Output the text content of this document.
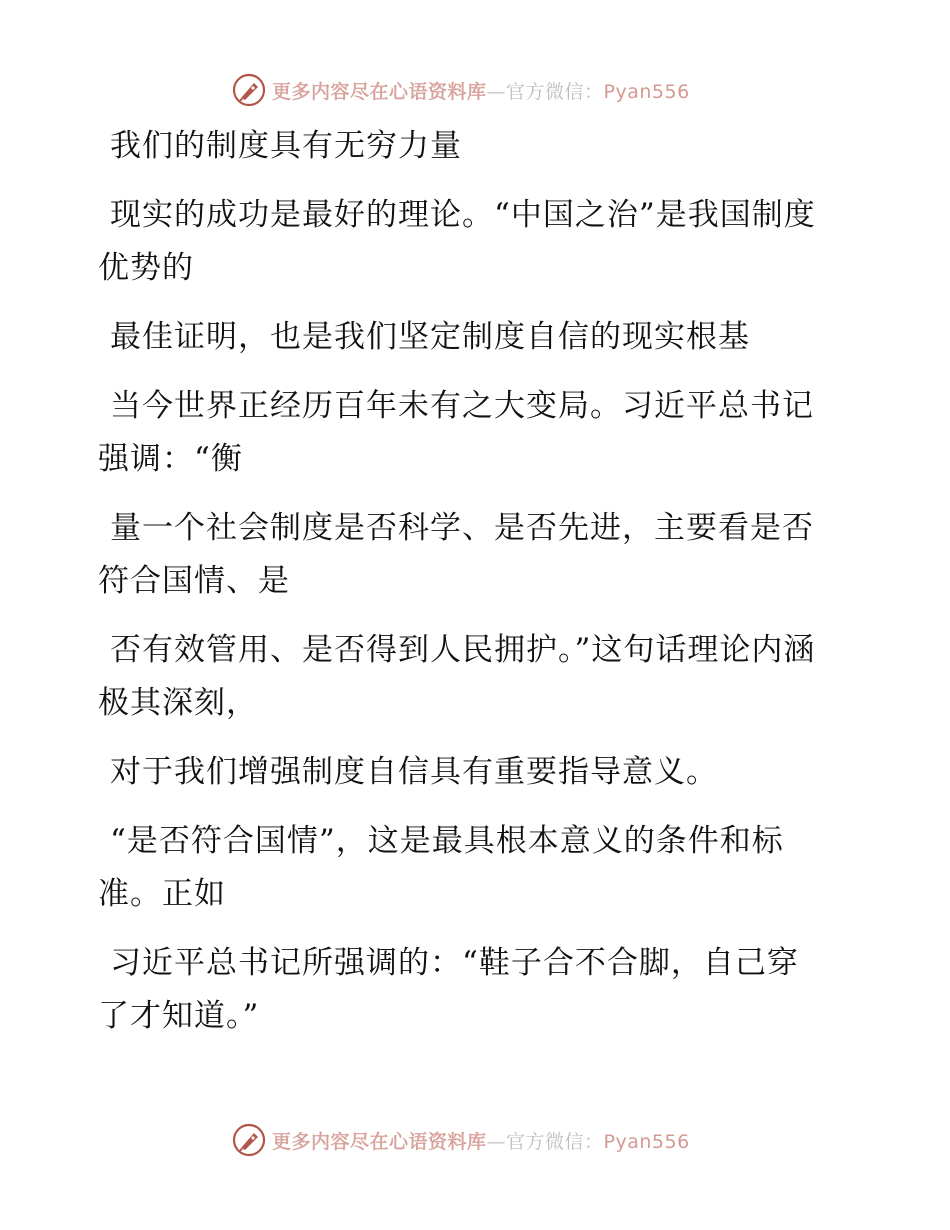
更多内容尽在心语资料库—官方微信：Pyan556

我们的制度具有无穷力量

现实的成功是最好的理论。“中国之治”是我国制度优势的

最佳证明，也是我们坚定制度自信的现实根基

当今世界正经历百年未有之大变局。习近平总书记强调：“衡

量一个社会制度是否科学、是否先进，主要看是否符合国情、是

否有效管用、是否得到人民拥护。”这句话理论内涵极其深刻，

对于我们增强制度自信具有重要指导意义。

“是否符合国情”，这是最具根本意义的条件和标准。正如

习近平总书记所强调的：“鞋子合不合脚，自己穿了才知道。”

更多内容尽在心语资料库—官方微信：Pyan556
